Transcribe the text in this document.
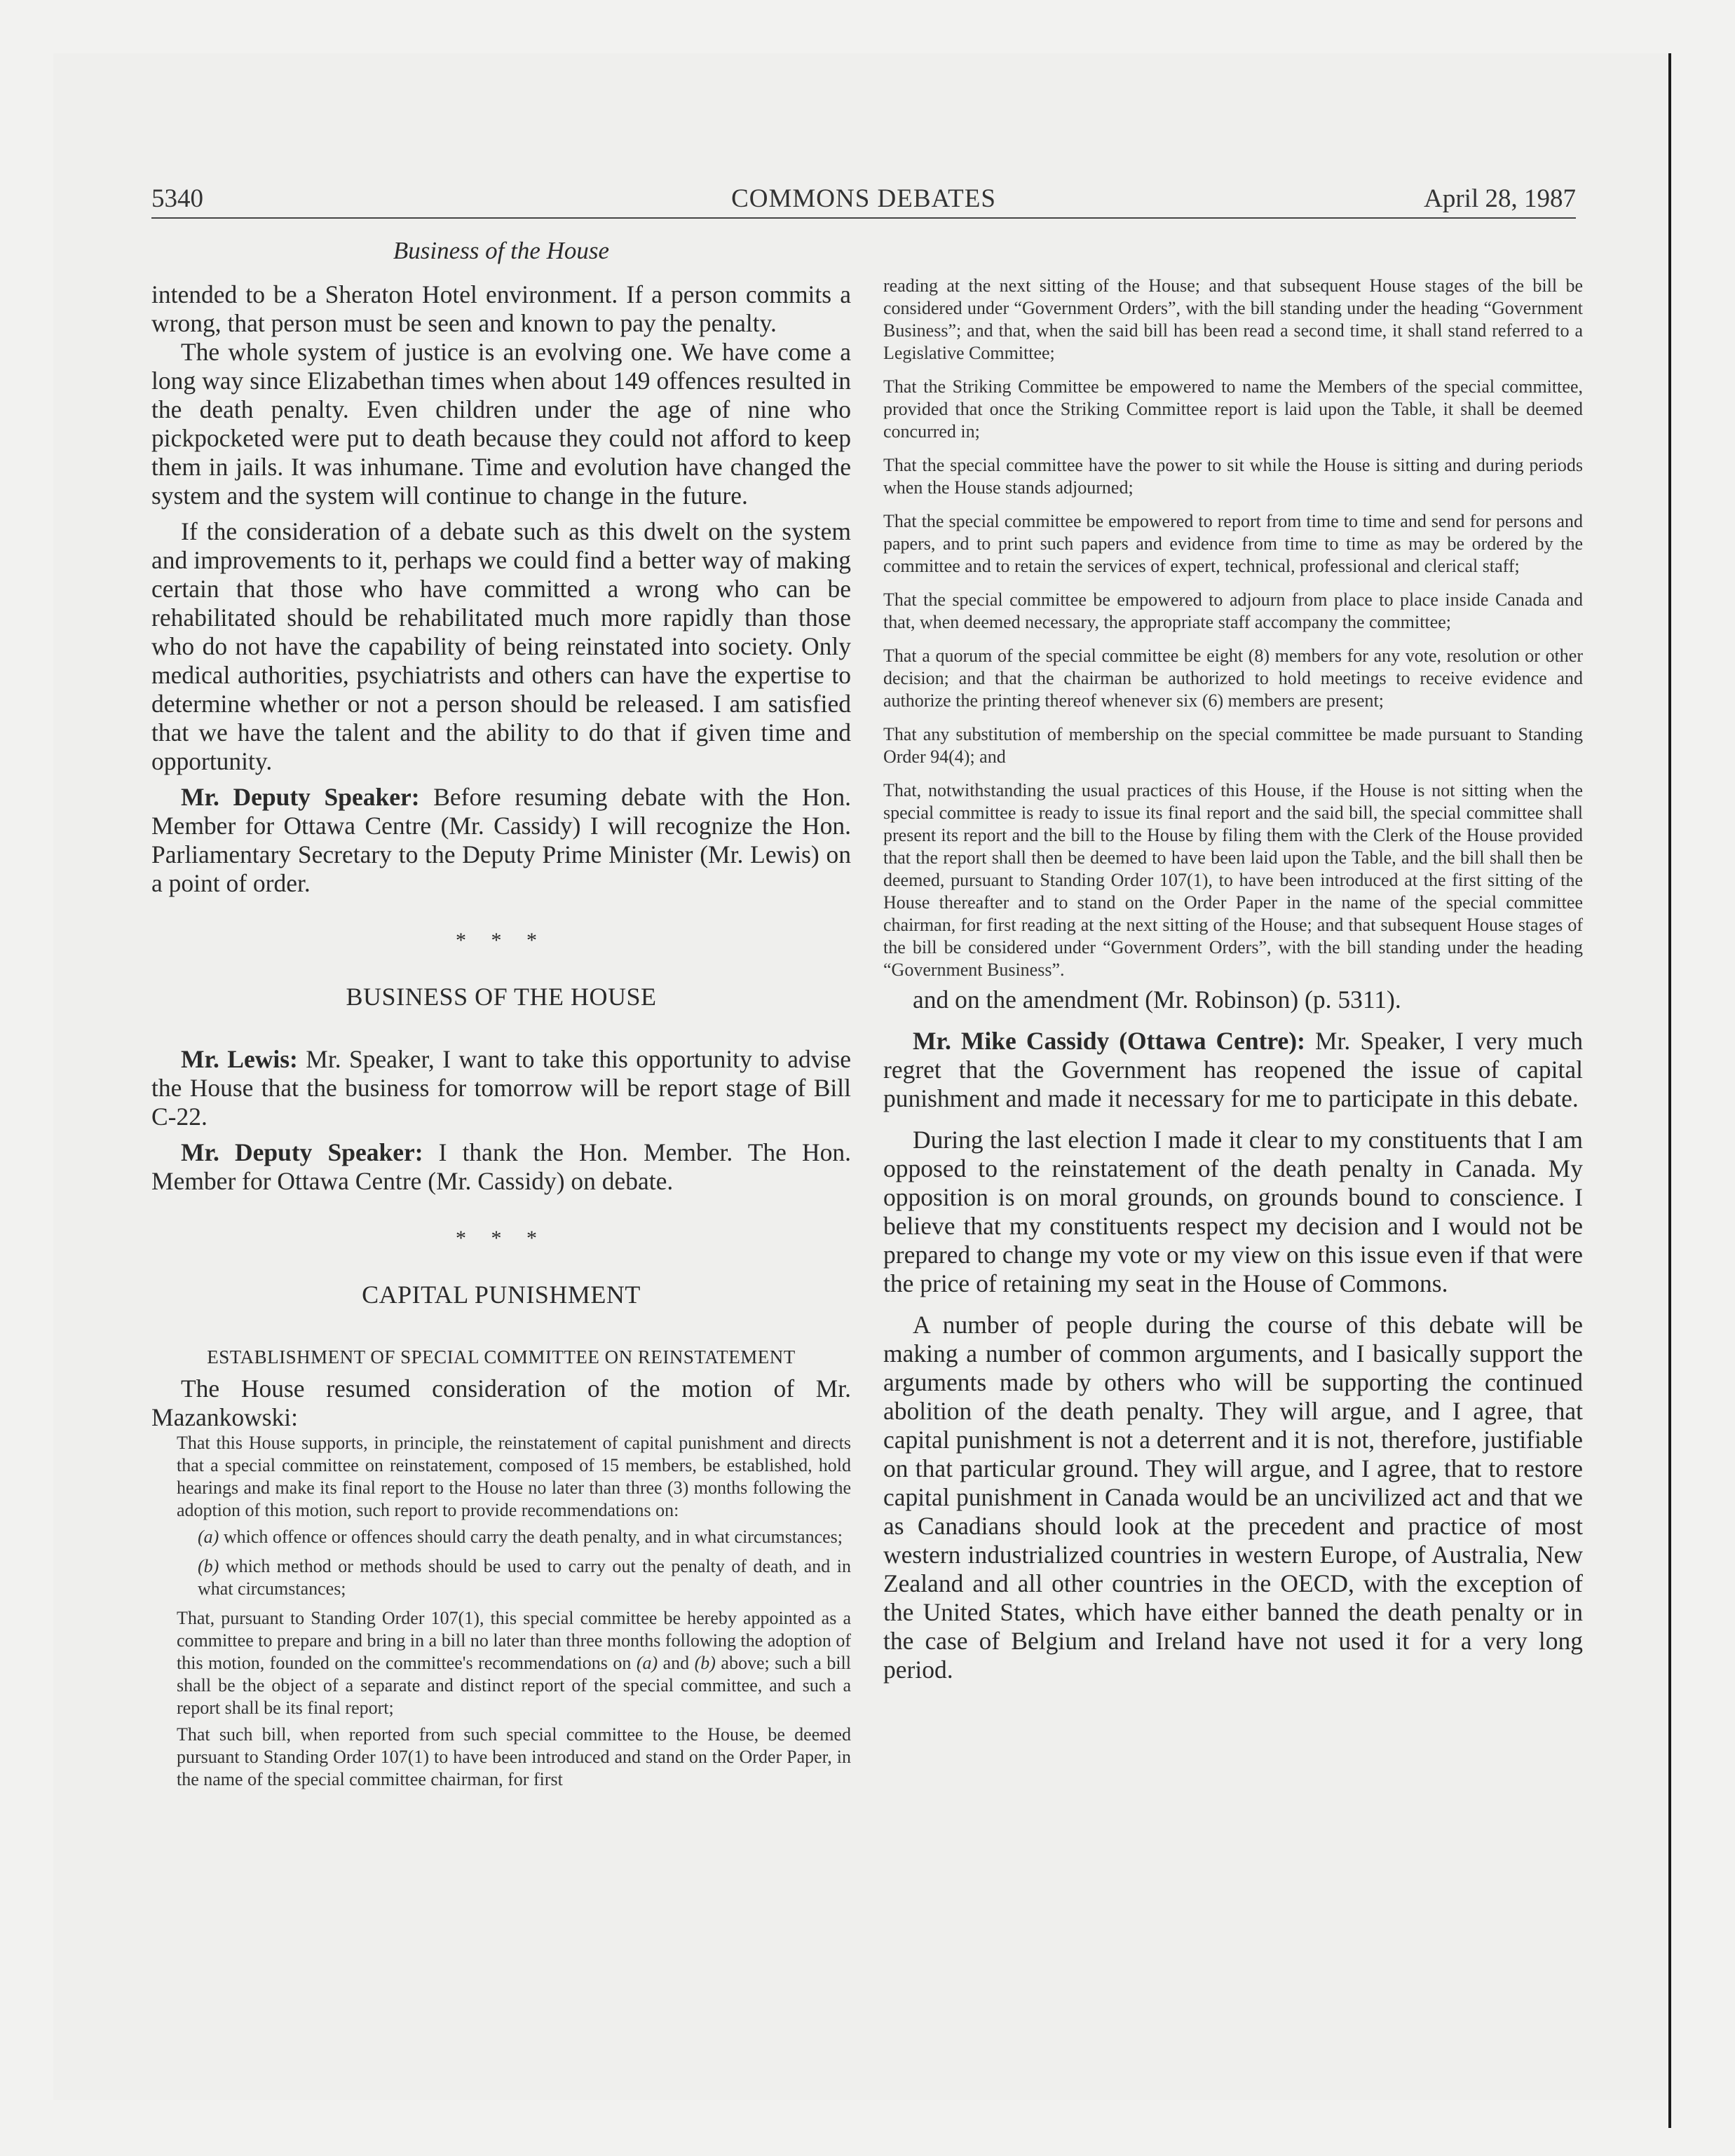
COMMONS DEBATES
5340	April 28, 1987
Business of the House

intended to be a Sheraton Hotel environment. If a person commits a wrong, that person must be seen and known to pay the penalty.

The whole system of justice is an evolving one. We have come a long way since Elizabethan times when about 149 offences resulted in the death penalty. Even children under the age of nine who pickpocketed were put to death because they could not afford to keep them in jails. It was inhumane. Time and evolution have changed the system and the system will continue to change in the future.

If the consideration of a debate such as this dwelt on the system and improvements to it, perhaps we could find a better way of making certain that those who have committed a wrong who can be rehabilitated should be rehabilitated much more rapidly than those who do not have the capability of being reinstated into society. Only medical authorities, psychiatrists and others can have the expertise to determine whether or not a person should be released. I am satisfied that we have the talent and the ability to do that if given time and opportunity.

Mr. Deputy Speaker: Before resuming debate with the Hon. Member for Ottawa Centre (Mr. Cassidy) I will recognize the Hon. Parliamentary Secretary to the Deputy Prime Minister (Mr. Lewis) on a point of order.

* * *
BUSINESS OF THE HOUSE

Mr. Lewis: Mr. Speaker, I want to take this opportunity to advise the House that the business for tomorrow will be report stage of Bill C-22.

Mr. Deputy Speaker: I thank the Hon. Member. The Hon. Member for Ottawa Centre (Mr. Cassidy) on debate.

* * *
CAPITAL PUNISHMENT
ESTABLISHMENT OF SPECIAL COMMITTEE ON REINSTATEMENT

The House resumed consideration of the motion of Mr. Mazankowski:

That this House supports, in principle, the reinstatement of capital punishment and directs that a special committee on reinstatement, composed of 15 members, be established, hold hearings and make its final report to the House no later than three (3) months following the adoption of this motion, such report to provide recommendations on:

(a) which offence or offences should carry the death penalty, and in what circumstances;

(b) which method or methods should be used to carry out the penalty of death, and in what circumstances;

That, pursuant to Standing Order 107(1), this special committee be hereby appointed as a committee to prepare and bring in a bill no later than three months following the adoption of this motion, founded on the committee's recommendations on (a) and (b) above; such a bill shall be the object of a separate and distinct report of the special committee, and such a report shall be its final report;

That such bill, when reported from such special committee to the House, be deemed pursuant to Standing Order 107(1) to have been introduced and stand on the Order Paper, in the name of the special committee chairman, for first

reading at the next sitting of the House; and that subsequent House stages of the bill be considered under “Government Orders”, with the bill standing under the heading “Government Business”; and that, when the said bill has been read a second time, it shall stand referred to a Legislative Committee;

That the Striking Committee be empowered to name the Members of the special committee, provided that once the Striking Committee report is laid upon the Table, it shall be deemed concurred in;

That the special committee have the power to sit while the House is sitting and during periods when the House stands adjourned;

That the special committee be empowered to report from time to time and send for persons and papers, and to print such papers and evidence from time to time as may be ordered by the committee and to retain the services of expert, technical, professional and clerical staff;

That the special committee be empowered to adjourn from place to place inside Canada and that, when deemed necessary, the appropriate staff accompany the committee;

That a quorum of the special committee be eight (8) members for any vote, resolution or other decision; and that the chairman be authorized to hold meetings to receive evidence and authorize the printing thereof whenever six (6) members are present;

That any substitution of membership on the special committee be made pursuant to Standing Order 94(4); and

That, notwithstanding the usual practices of this House, if the House is not sitting when the special committee is ready to issue its final report and the said bill, the special committee shall present its report and the bill to the House by filing them with the Clerk of the House provided that the report shall then be deemed to have been laid upon the Table, and the bill shall then be deemed, pursuant to Standing Order 107(1), to have been introduced at the first sitting of the House thereafter and to stand on the Order Paper in the name of the special committee chairman, for first reading at the next sitting of the House; and that subsequent House stages of the bill be considered under “Government Orders”, with the bill standing under the heading “Government Business”.

and on the amendment (Mr. Robinson) (p. 5311).

Mr. Mike Cassidy (Ottawa Centre): Mr. Speaker, I very much regret that the Government has reopened the issue of capital punishment and made it necessary for me to participate in this debate.

During the last election I made it clear to my constituents that I am opposed to the reinstatement of the death penalty in Canada. My opposition is on moral grounds, on grounds bound to conscience. I believe that my constituents respect my decision and I would not be prepared to change my vote or my view on this issue even if that were the price of retaining my seat in the House of Commons.

A number of people during the course of this debate will be making a number of common arguments, and I basically support the arguments made by others who will be supporting the continued abolition of the death penalty. They will argue, and I agree, that capital punishment is not a deterrent and it is not, therefore, justifiable on that particular ground. They will argue, and I agree, that to restore capital punishment in Canada would be an uncivilized act and that we as Canadians should look at the precedent and practice of most western industrialized countries in western Europe, of Australia, New Zealand and all other countries in the OECD, with the exception of the United States, which have either banned the death penalty or in the case of Belgium and Ireland have not used it for a very long period.
